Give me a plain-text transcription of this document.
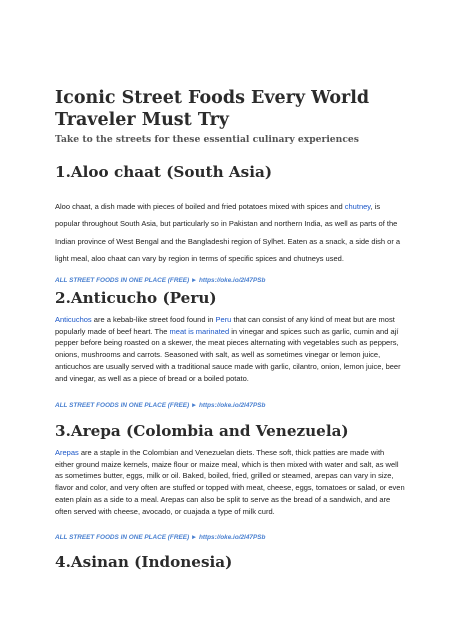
Iconic Street Foods Every World Traveler Must Try

Take to the streets for these essential culinary experiences

1.Aloo chaat (South Asia)

Aloo chaat, a dish made with pieces of boiled and fried potatoes mixed with spices and chutney, is popular throughout South Asia, but particularly so in Pakistan and northern India, as well as parts of the Indian province of West Bengal and the Bangladeshi region of Sylhet. Eaten as a snack, a side dish or a light meal, aloo chaat can vary by region in terms of specific spices and chutneys used.

ALL STREET FOODS IN ONE PLACE (FREE) ► https://oke.io/2l47PSb

2.Anticucho (Peru)

Anticuchos are a kebab-like street food found in Peru that can consist of any kind of meat but are most popularly made of beef heart. The meat is marinated in vinegar and spices such as garlic, cumin and ají pepper before being roasted on a skewer, the meat pieces alternating with vegetables such as peppers, onions, mushrooms and carrots. Seasoned with salt, as well as sometimes vinegar or lemon juice, anticuchos are usually served with a traditional sauce made with garlic, cilantro, onion, lemon juice, beer and vinegar, as well as a piece of bread or a boiled potato.

ALL STREET FOODS IN ONE PLACE (FREE) ► https://oke.io/2l47PSb

3.Arepa (Colombia and Venezuela)

Arepas are a staple in the Colombian and Venezuelan diets. These soft, thick patties are made with either ground maize kernels, maize flour or maize meal, which is then mixed with water and salt, as well as sometimes butter, eggs, milk or oil. Baked, boiled, fried, grilled or steamed, arepas can vary in size, flavor and color, and very often are stuffed or topped with meat, cheese, eggs, tomatoes or salad, or even eaten plain as a side to a meal. Arepas can also be split to serve as the bread of a sandwich, and are often served with cheese, avocado, or cuajada a type of milk curd.

ALL STREET FOODS IN ONE PLACE (FREE) ► https://oke.io/2l47PSb

4.Asinan (Indonesia)
